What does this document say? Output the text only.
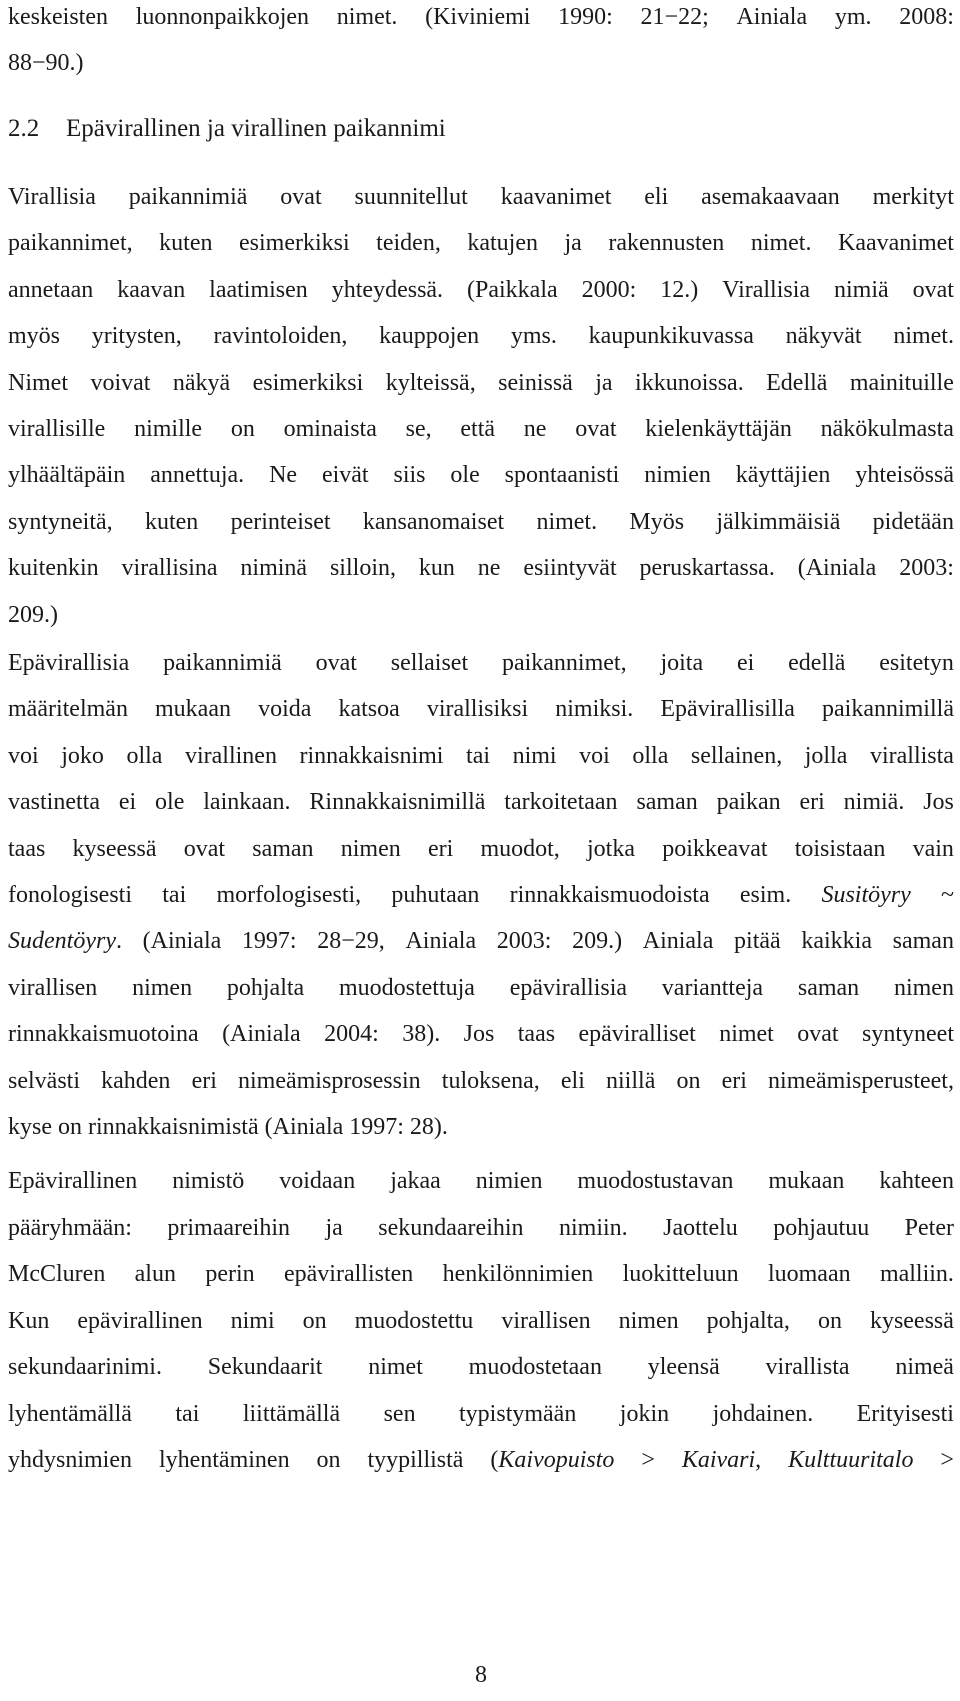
2.2 Epävirallinen ja virallinen paikannimi
keskeisten luonnonpaikkojen nimet. (Kiviniemi 1990: 21−22; Ainiala ym. 2008:
88−90.)
Virallisia paikannimiä ovat suunnitellut kaavanimet eli asemakaavaan merkityt
paikannimet, kuten esimerkiksi teiden, katujen ja rakennusten nimet. Kaavanimet
annetaan kaavan laatimisen yhteydessä. (Paikkala 2000: 12.) Virallisia nimiä ovat
myös yritysten, ravintoloiden, kauppojen yms. kaupunkikuvassa näkyvät nimet.
Nimet voivat näkyä esimerkiksi kylteissä, seinissä ja ikkunoissa. Edellä mainituille
virallisille nimille on ominaista se, että ne ovat kielenkäyttäjän näkökulmasta
ylhäältäpäin annettuja. Ne eivät siis ole spontaanisti nimien käyttäjien yhteisössä
syntyneitä, kuten perinteiset kansanomaiset nimet. Myös jälkimmäisiä pidetään
kuitenkin virallisina niminä silloin, kun ne esiintyvät peruskartassa. (Ainiala 2003:
209.)
Epävirallisia paikannimiä ovat sellaiset paikannimet, joita ei edellä esitetyn
määritelmän mukaan voida katsoa virallisiksi nimiksi. Epävirallisilla paikannimillä
voi joko olla virallinen rinnakkaisnimi tai nimi voi olla sellainen, jolla virallista
vastinetta ei ole lainkaan. Rinnakkaisnimillä tarkoitetaan saman paikan eri nimiä. Jos
taas kyseessä ovat saman nimen eri muodot, jotka poikkeavat toisistaan vain
fonologisesti tai morfologisesti, puhutaan rinnakkaismuodoista esim. Susitöyry ~
Sudentöyry. (Ainiala 1997: 28−29, Ainiala 2003: 209.) Ainiala pitää kaikkia saman
virallisen nimen pohjalta muodostettuja epävirallisia variantteja saman nimen
rinnakkaismuotoina (Ainiala 2004: 38). Jos taas epäviralliset nimet ovat syntyneet
selvästi kahden eri nimeämisprosessin tuloksena, eli niillä on eri nimeämisperusteet,
kyse on rinnakkaisnimistä (Ainiala 1997: 28).
Epävirallinen nimistö voidaan jakaa nimien muodostustavan mukaan kahteen
pääryhmään: primaareihin ja sekundaareihin nimiin. Jaottelu pohjautuu Peter
McCluren alun perin epävirallisten henkilönnimien luokitteluun luomaan malliin.
Kun epävirallinen nimi on muodostettu virallisen nimen pohjalta, on kyseessä
sekundaarinimi. Sekundaarit nimet muodostetaan yleensä virallista nimeä
lyhentämällä tai liittämällä sen typistymään jokin johdainen. Erityisesti
yhdysnimien lyhentäminen on tyypillistä (Kaivopuisto > Kaivari, Kulttuuritalo >
8
